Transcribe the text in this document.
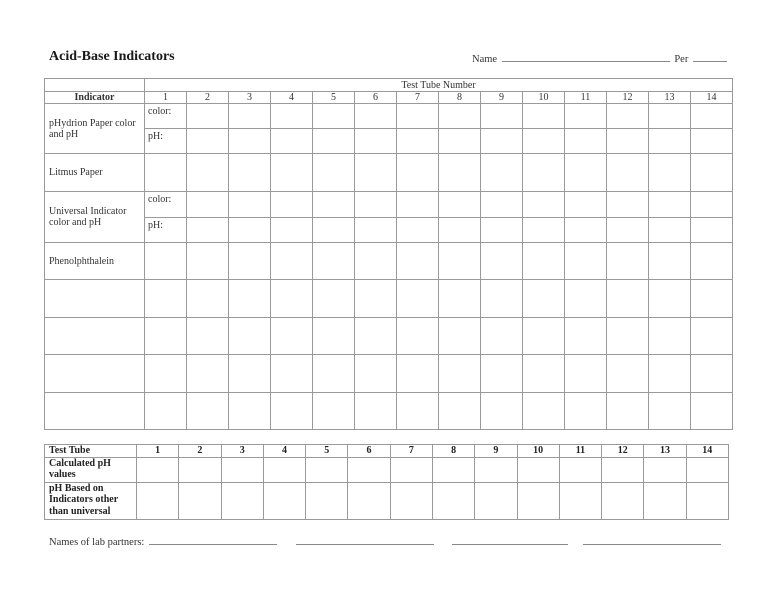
Acid-Base Indicators	Name	Per
	Test Tube Number													
Indicator	1	2	3	4	5	6	7	8	9	10	11	12	13	14
pHydrion Paper color and pH	color:													
	pH:													
Litmus Paper														
Universal Indicator color and pH	color:													
	pH:													
Phenolphthalein														

Test Tube	1	2	3	4	5	6	7	8	9	10	11	12	13	14
Calculated pH values														
pH Based on Indicators other than universal														
Names of lab partners:
